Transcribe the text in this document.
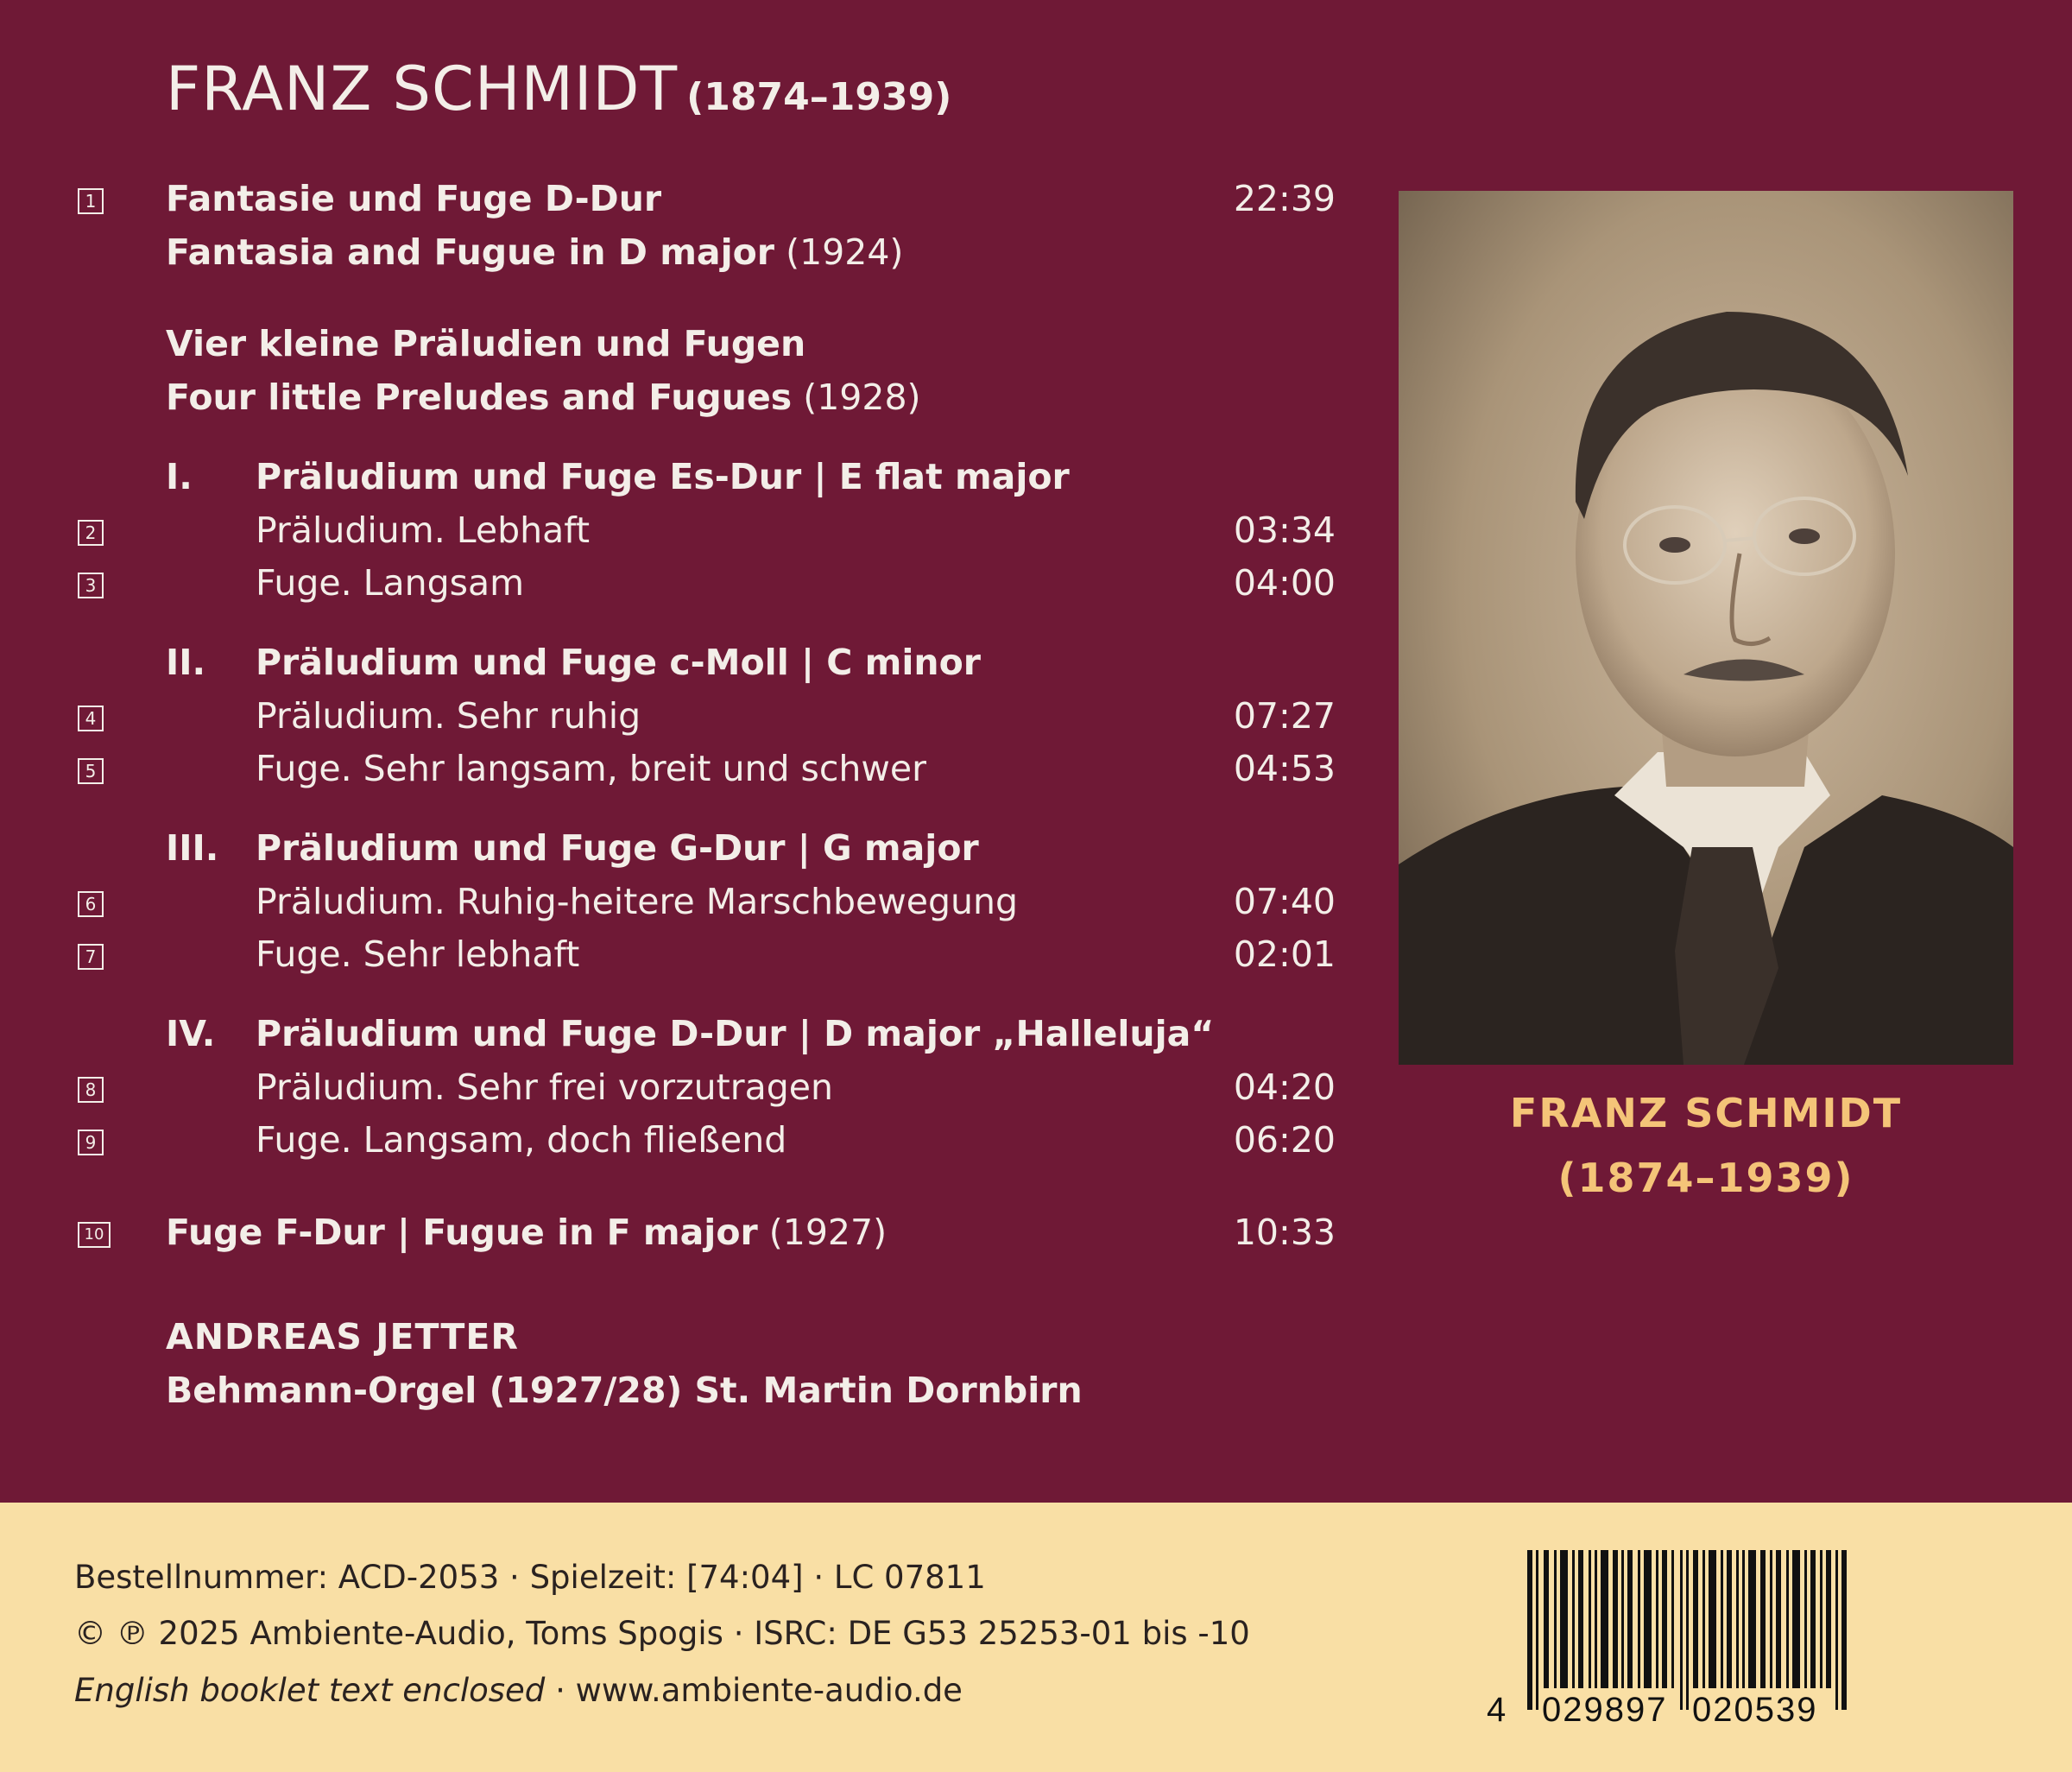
FRANZ SCHMIDT (1874–1939)
1 Fantasie und Fuge D-Dur	22:39
Fantasia and Fugue in D major (1924)
Vier kleine Präludien und Fugen
Four little Preludes and Fugues (1928)
I. Präludium und Fuge Es-Dur | E flat major
2	Präludium. Lebhaft	03:34
3	Fuge. Langsam	04:00
II. Präludium und Fuge c-Moll | C minor
4	Präludium. Sehr ruhig	07:27
5	Fuge. Sehr langsam, breit und schwer	04:53
III. Präludium und Fuge G-Dur | G major
6	Präludium. Ruhig-heitere Marschbewegung	07:40
7	Fuge. Sehr lebhaft	02:01
IV. Präludium und Fuge D-Dur | D major „Halleluja“
8	Präludium. Sehr frei vorzutragen	04:20
9	Fuge. Langsam, doch fließend	06:20
10 Fuge F-Dur | Fugue in F major (1927)	10:33
ANDREAS JETTER
Behmann-Orgel (1927/28) St. Martin Dornbirn
FRANZ SCHMIDT
(1874–1939)
Bestellnummer: ACD-2053 · Spielzeit: [74:04] · LC 07811
© ℗ 2025 Ambiente-Audio, Toms Spogis · ISRC: DE G53 25253-01 bis -10
English booklet text enclosed · www.ambiente-audio.de
4 029897 020539
